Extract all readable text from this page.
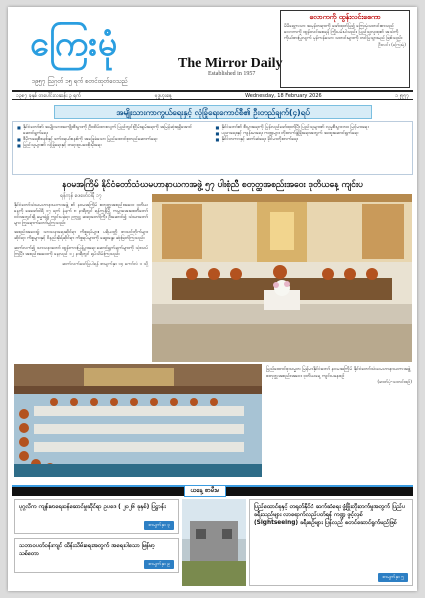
ကြေးမုံ
၁၉၅၇ ဩဂုတ် ၁၅ ရက် စတင်ထုတ်ဝေသည်
The Mirror Daily
Established in 1957
လောကကို ထွန်းလင်းစေကာ

မိမိရှေ့ကသာ အမှန်တရားကို ဖော်ထုတ်ပြ၍ ကြေးမုံသတင်းစာသည် လောကကို ထွန်းလင်းစေရန် ကြိုးပမ်းပါသည်။ ပြည်သူလူထု၏ အသံကို ကိုယ်စားပြုလျက် မှန်ကန်သော သတင်းများကို တင်ပြသွားမည် ဖြစ်သည်။

ဦးလင်း (ကြေးမုံ)
၁၃၈၇ ခုနှစ် တပေါင်းလဆန်း ၃ ရက်	ဗုဒ္ဓဟူးနေ့	Wednesday, 18 February 2026	၁၂၅၅၇
အမျိုးသားကာကွယ်ရေးနှင့် လုံခြုံရေးကောင်စီ၏ ဦးတည်ချက်(၄)ရပ်
■ နိုင်ငံတော်၏ အမျိုးသားအကျိုးစီးပွားကို ဦးထိပ်ထားလျက် ပြည်တွင်းငြိမ်းချမ်းရေးကို အမြန်ဆုံးရရှိအောင် ဆောင်ရွက်ရေး
■ ဒီမိုကရေစီစနစ်နှင့် ဖက်ဒရယ်စနစ်ကို အခြေခံသော ပြည်ထောင်စုတည်ဆောက်ရေး
■ ပြည်သူများ၏ လုံခြုံရေးနှင့် တရားဥပဒေစိုးမိုးရေး
■ နိုင်ငံတော်၏ စီးပွားရေးကို ပြန်လည်ဖော်ထုတ်ပြီး ပြည်သူများ၏ လူမှုစီးပွားဘဝ မြင့်မားရေး
■ ပညာရေးနှင့် ကျန်းမာရေး ကဏ္ဍများ တိုးတက်ဖွံ့ဖြိုးရေးအတွက် အထူးဆောင်ရွက်ရေး
■ နိုင်ငံတကာနှင့် ဆက်ဆံရေး ခိုင်မာတိုးတက်ရေး
နဝမအကြိမ် နိုင်ငံတော်သံဃမဟာနာယကအဖွဲ့ ၅၇ ပါးစုံညီ စတုတ္ထအစည်းအဝေး ဒုတိယနေ့ ကျင်းပ
ရန်ကုန် ဖေဖော်ဝါရီ ၁၇

နိုင်ငံတော်သံဃမဟာနာယကအဖွဲ့ ၏ နဝမအကြိမ် စတုတ္ထအစည်းအဝေး ဒုတိယနေ့ကို ဖေဖော်ဝါရီ ၁၇ ရက် နံနက် ၈ နာရီတွင် ရန်ကုန်မြို့ ကမ္ဘာအေးစေတီတော် ဝင်းအတွင်းရှိ ဓမ္မာရုံ၌ ကျင်းပခဲ့ရာ ဥက္ကဋ္ဌ ဆရာတော်ကြီး ဦးဆောင်၍ သံဃာတော်များ ကြွရောက်တော်မူကြသည်။

အစည်းအဝေး၌ သာသနာရေးဆိုင်ရာ ကိစ္စရပ်များ၊ ပရိယတ္တိ စာသင်တိုက်များ ဆိုင်ရာ ကိစ္စများနှင့် ဝိနည်းဓိုရ်ဆိုင်ရာ ကိစ္စရပ်များကို ဆွေးနွေး ဆုံးဖြတ်ကြသည်။

ဆက်လက်၍ သာသနာတော် ထွန်းကားပြန့်ပွားရေး ဆောင်ရွက်ချက်များကို သုံးသပ်ကြပြီး အစည်းအဝေးကို နေ့လည် ၁၂ နာရီတွင် ရုပ်သိမ်းကြသည်။

ဆက်လက်ဖော်ပြပါရန် စာမျက်နှာ ၁၄ ကော်လံ ၁ သို့
ပြည်ထောင်စုသမ္မတ မြန်မာနိုင်ငံတော် နဝမအကြိမ် နိုင်ငံတော်သံဃမဟာနာယကအဖွဲ့ စတုတ္ထအစည်းအဝေး ဒုတိယနေ့ ကျင်းပနေစဉ်
(ဓာတ်ပုံ-သတင်းစဉ်)
ယနေ့ စာမီးမ
ပုဂ္ဂလိက ကျန်းမာရေးဝန်ဆောင်မှုဆိုင်ရာ ဥပဒေ ( ၂၀၂၆ ခုနှစ်) ပြဋ္ဌာန်း
စာမျက်နှာ ၃
သဘာဝပတ်ဝန်းကျင် ထိန်းသိမ်းရေးအတွက် အရေးပါသော မြန်မာ့သစ်တော
စာမျက်နှာ ၉
ပြည်ထောင်စုနှင့် တရုတ်နိုင်ငံ ဆက်ဆံရေး ဖွံ့ဖြိုးတိုးတက်မှုအတွက် ပြည်ပခရီးသည်များ လာရောက်လည်ပတ်ရန် ကဏ္ဍ ဖွင့်လှစ် (Sightseeing) ခရီးစဉ်များ ပြန်လည် စတင်ဆောင်ရွက်မည်ဖြစ်
စာမျက်နှာ ၅
